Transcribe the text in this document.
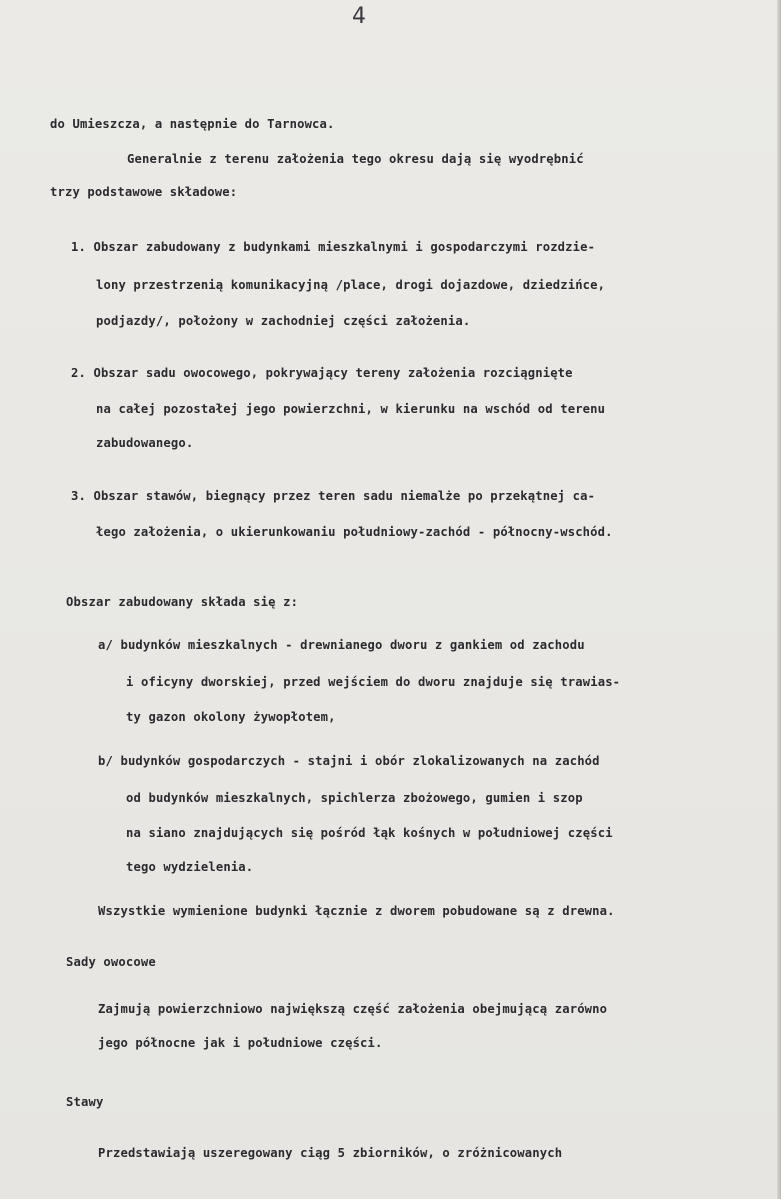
4
do Umieszcza, a następnie do Tarnowca.
Generalnie z terenu założenia tego okresu dają się wyodrębnić
trzy podstawowe składowe:
1. Obszar zabudowany z budynkami mieszkalnymi i gospodarczymi rozdzie-
lony przestrzenią komunikacyjną /place, drogi dojazdowe, dziedzińce,
podjazdy/, położony w zachodniej części założenia.
2. Obszar sadu owocowego, pokrywający tereny założenia rozciągnięte
na całej pozostałej jego powierzchni, w kierunku na wschód od terenu
zabudowanego.
3. Obszar stawów, biegnący przez teren sadu niemalże po przekątnej ca-
łego założenia, o ukierunkowaniu południowy-zachód - północny-wschód.
Obszar zabudowany składa się z:
a/ budynków mieszkalnych - drewnianego dworu z gankiem od zachodu
i oficyny dworskiej, przed wejściem do dworu znajduje się trawias-
ty gazon okolony żywopłotem,
b/ budynków gospodarczych - stajni i obór zlokalizowanych na zachód
od budynków mieszkalnych, spichlerza zbożowego, gumien i szop
na siano znajdujących się pośród łąk kośnych w południowej części
tego wydzielenia.
Wszystkie wymienione budynki łącznie z dworem pobudowane są z drewna.
Sady owocowe
Zajmują powierzchniowo największą część założenia obejmującą zarówno
jego północne jak i południowe części.
Stawy
Przedstawiają uszeregowany ciąg 5 zbiorników, o zróżnicowanych
